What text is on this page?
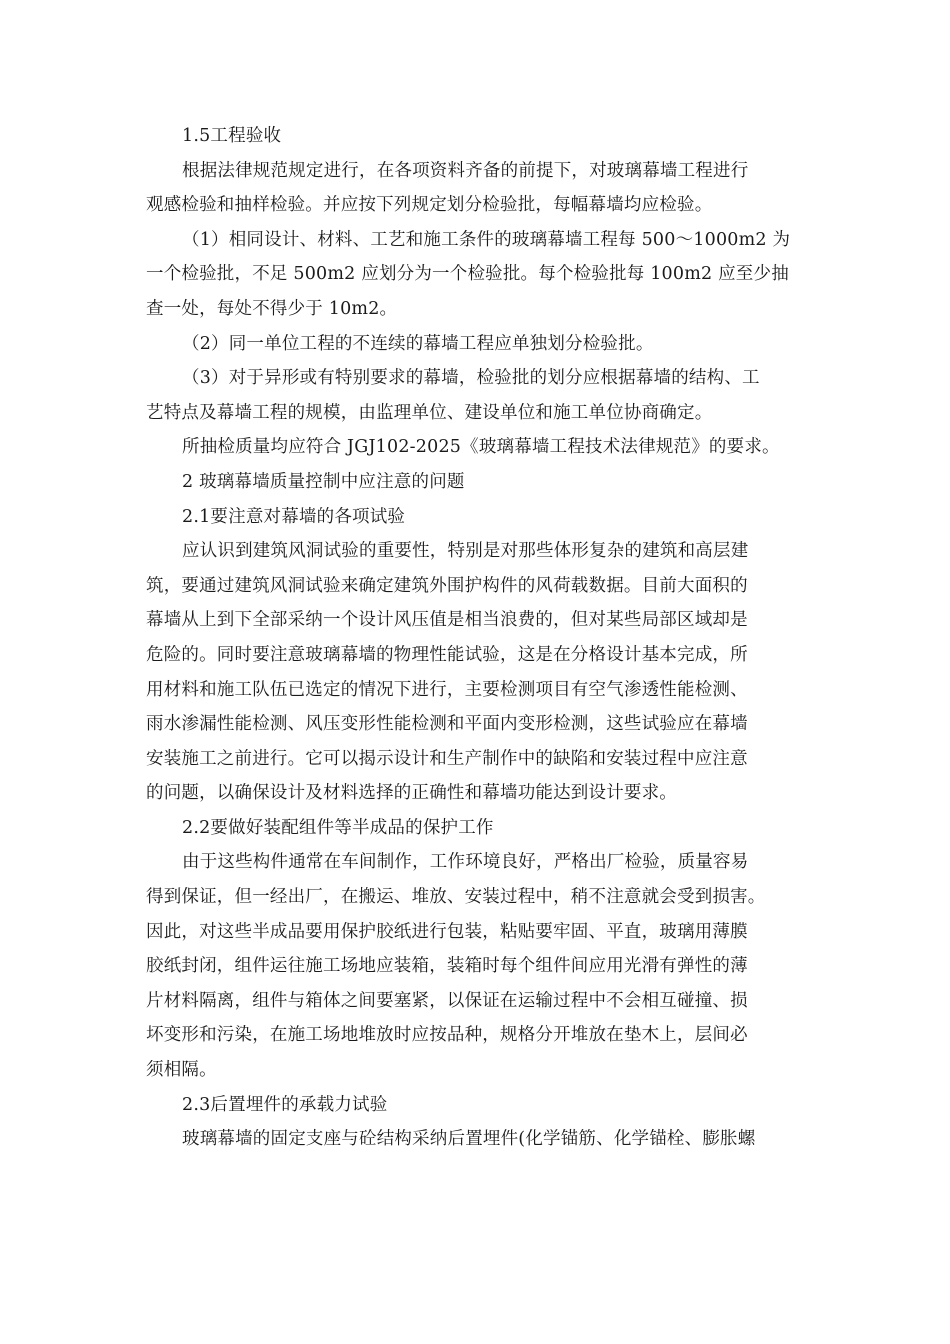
1.5工程验收
根据法律规范规定进行，在各项资料齐备的前提下，对玻璃幕墙工程进行
观感检验和抽样检验。并应按下列规定划分检验批，每幅幕墙均应检验。
（1）相同设计、材料、工艺和施工条件的玻璃幕墙工程每 500～1000m2 为
一个检验批，不足 500m2 应划分为一个检验批。每个检验批每 100m2 应至少抽
查一处，每处不得少于 10m2。
（2）同一单位工程的不连续的幕墙工程应单独划分检验批。
（3）对于异形或有特别要求的幕墙，检验批的划分应根据幕墙的结构、工
艺特点及幕墙工程的规模，由监理单位、建设单位和施工单位协商确定。
所抽检质量均应符合 JGJ102-2025《玻璃幕墙工程技术法律规范》的要求。
2 玻璃幕墙质量控制中应注意的问题
2.1要注意对幕墙的各项试验
应认识到建筑风洞试验的重要性，特别是对那些体形复杂的建筑和高层建
筑，要通过建筑风洞试验来确定建筑外围护构件的风荷载数据。目前大面积的
幕墙从上到下全部采纳一个设计风压值是相当浪费的，但对某些局部区域却是
危险的。同时要注意玻璃幕墙的物理性能试验，这是在分格设计基本完成，所
用材料和施工队伍已选定的情况下进行，主要检测项目有空气渗透性能检测、
雨水渗漏性能检测、风压变形性能检测和平面内变形检测，这些试验应在幕墙
安装施工之前进行。它可以揭示设计和生产制作中的缺陷和安装过程中应注意
的问题，以确保设计及材料选择的正确性和幕墙功能达到设计要求。
2.2要做好装配组件等半成品的保护工作
由于这些构件通常在车间制作，工作环境良好，严格出厂检验，质量容易
得到保证，但一经出厂，在搬运、堆放、安装过程中，稍不注意就会受到损害。
因此，对这些半成品要用保护胶纸进行包装，粘贴要牢固、平直，玻璃用薄膜
胶纸封闭，组件运往施工场地应装箱，装箱时每个组件间应用光滑有弹性的薄
片材料隔离，组件与箱体之间要塞紧，以保证在运输过程中不会相互碰撞、损
坏变形和污染，在施工场地堆放时应按品种，规格分开堆放在垫木上，层间必
须相隔。
2.3后置埋件的承载力试验
玻璃幕墙的固定支座与砼结构采纳后置埋件(化学锚筋、化学锚栓、膨胀螺
